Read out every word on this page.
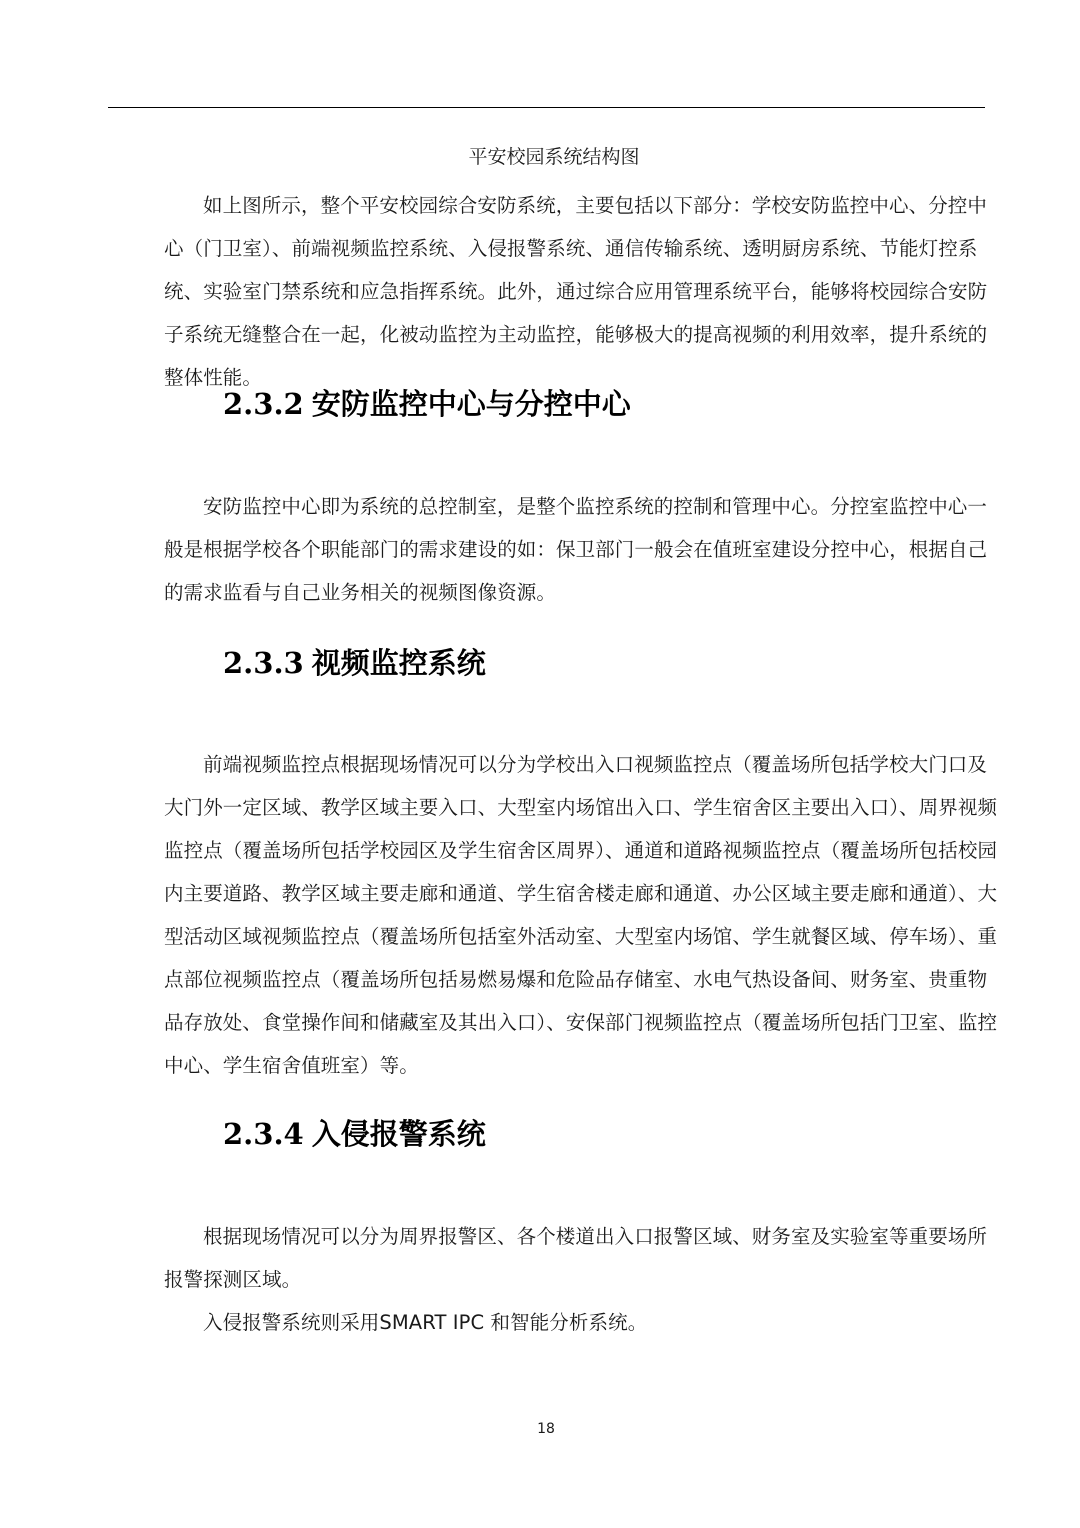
平安校园系统结构图

如上图所示，整个平安校园综合安防系统，主要包括以下部分：学校安防监控中心、分控中心（门卫室）、前端视频监控系统、入侵报警系统、通信传输系统、透明厨房系统、节能灯控系统、实验室门禁系统和应急指挥系统。此外，通过综合应用管理系统平台，能够将校园综合安防子系统无缝整合在一起，化被动监控为主动监控，能够极大的提高视频的利用效率，提升系统的整体性能。

2.3.2 安防监控中心与分控中心

安防监控中心即为系统的总控制室，是整个监控系统的控制和管理中心。分控室监控中心一般是根据学校各个职能部门的需求建设的如：保卫部门一般会在值班室建设分控中心，根据自己的需求监看与自己业务相关的视频图像资源。

2.3.3 视频监控系统

前端视频监控点根据现场情况可以分为学校出入口视频监控点（覆盖场所包括学校大门口及大门外一定区域、教学区域主要入口、大型室内场馆出入口、学生宿舍区主要出入口）、周界视频监控点（覆盖场所包括学校园区及学生宿舍区周界）、通道和道路视频监控点（覆盖场所包括校园内主要道路、教学区域主要走廊和通道、学生宿舍楼走廊和通道、办公区域主要走廊和通道）、大型活动区域视频监控点（覆盖场所包括室外活动室、大型室内场馆、学生就餐区域、停车场）、重点部位视频监控点（覆盖场所包括易燃易爆和危险品存储室、水电气热设备间、财务室、贵重物品存放处、食堂操作间和储藏室及其出入口）、安保部门视频监控点（覆盖场所包括门卫室、监控中心、学生宿舍值班室）等。

2.3.4 入侵报警系统

根据现场情况可以分为周界报警区、各个楼道出入口报警区域、财务室及实验室等重要场所报警探测区域。

入侵报警系统则采用SMART IPC 和智能分析系统。

18
